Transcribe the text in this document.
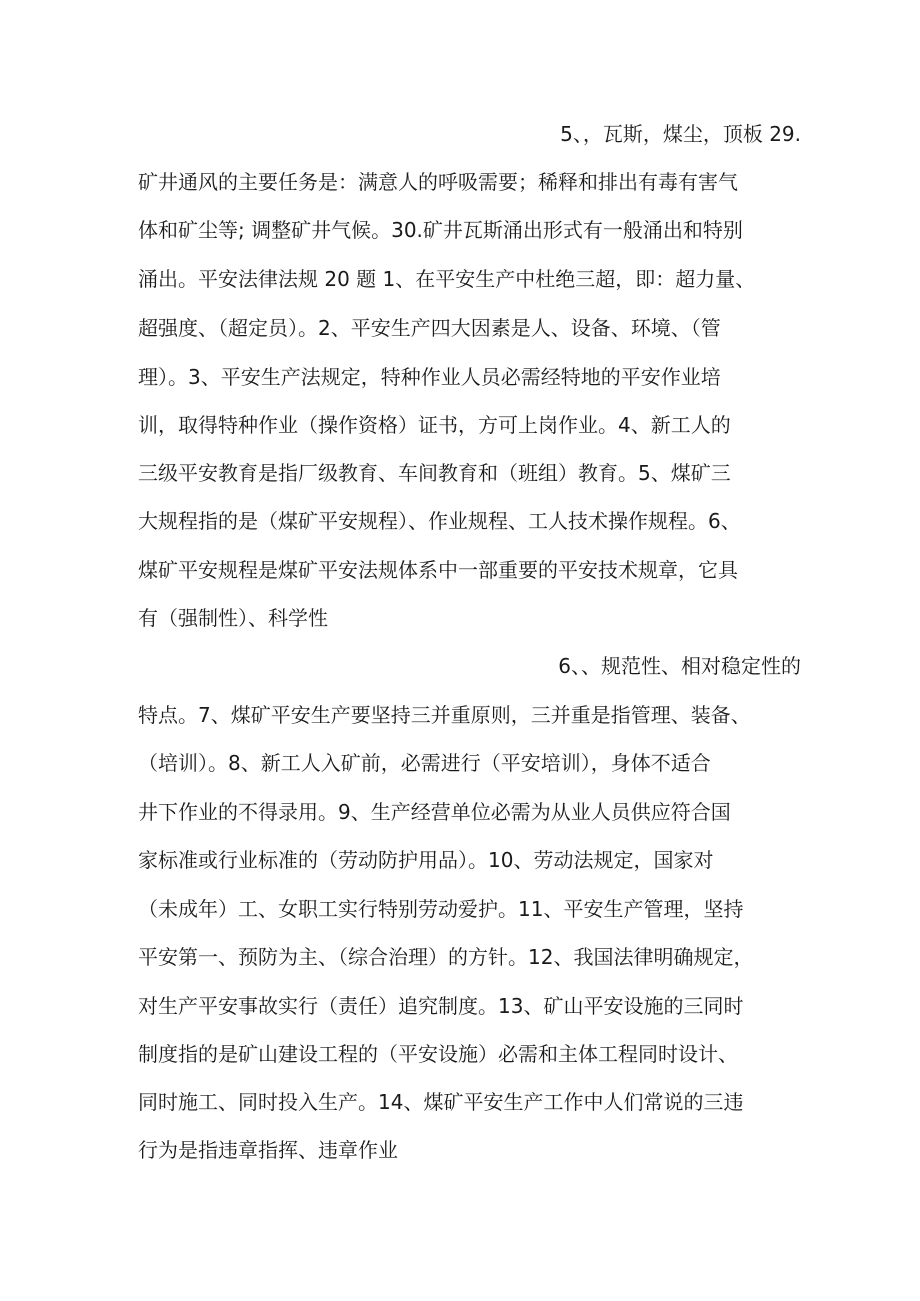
5、，瓦斯，煤尘，顶板 29.
矿井通风的主要任务是：满意人的呼吸需要；稀释和排出有毒有害气
体和矿尘等; 调整矿井气候。30.矿井瓦斯涌出形式有一般涌出和特别
涌出。平安法律法规 20 题 1、在平安生产中杜绝三超，即：超力量、
超强度、（超定员）。2、平安生产四大因素是人、设备、环境、（管
理）。3、平安生产法规定，特种作业人员必需经特地的平安作业培
训，取得特种作业（操作资格）证书，方可上岗作业。4、新工人的
三级平安教育是指厂级教育、车间教育和（班组）教育。5、煤矿三
大规程指的是（煤矿平安规程）、作业规程、工人技术操作规程。6、
煤矿平安规程是煤矿平安法规体系中一部重要的平安技术规章，它具
有（强制性）、科学性
6、、规范性、相对稳定性的
特点。7、煤矿平安生产要坚持三并重原则，三并重是指管理、装备、
（培训）。8、新工人入矿前，必需进行（平安培训），身体不适合
井下作业的不得录用。9、生产经营单位必需为从业人员供应符合国
家标准或行业标准的（劳动防护用品）。10、劳动法规定，国家对
（未成年）工、女职工实行特别劳动爱护。11、平安生产管理，坚持
平安第一、预防为主、（综合治理）的方针。12、我国法律明确规定，
对生产平安事故实行（责任）追究制度。13、矿山平安设施的三同时
制度指的是矿山建设工程的（平安设施）必需和主体工程同时设计、
同时施工、同时投入生产。14、煤矿平安生产工作中人们常说的三违
行为是指违章指挥、违章作业
